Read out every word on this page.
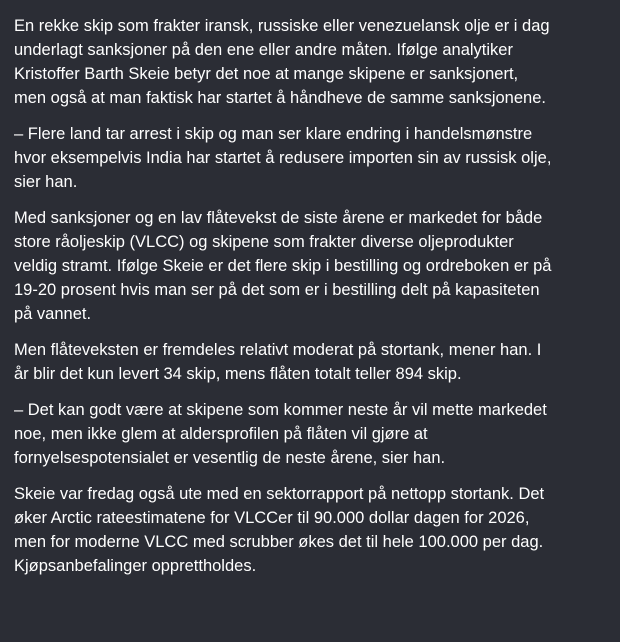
En rekke skip som frakter iransk, russiske eller venezuelansk olje er i dag
underlagt sanksjoner på den ene eller andre måten. Ifølge analytiker
Kristoffer Barth Skeie betyr det noe at mange skipene er sanksjonert,
men også at man faktisk har startet å håndheve de samme sanksjonene.

– Flere land tar arrest i skip og man ser klare endring i handelsmønstre
hvor eksempelvis India har startet å redusere importen sin av russisk olje,
sier han.

Med sanksjoner og en lav flåtevekst de siste årene er markedet for både
store råoljeskip (VLCC) og skipene som frakter diverse oljeprodukter
veldig stramt. Ifølge Skeie er det flere skip i bestilling og ordreboken er på
19-20 prosent hvis man ser på det som er i bestilling delt på kapasiteten
på vannet.

Men flåteveksten er fremdeles relativt moderat på stortank, mener han. I
år blir det kun levert 34 skip, mens flåten totalt teller 894 skip.

– Det kan godt være at skipene som kommer neste år vil mette markedet
noe, men ikke glem at aldersprofilen på flåten vil gjøre at
fornyelsespotensialet er vesentlig de neste årene, sier han.

Skeie var fredag også ute med en sektorrapport på nettopp stortank. Det
øker Arctic rateestimatene for VLCCer til 90.000 dollar dagen for 2026,
men for moderne VLCC med scrubber økes det til hele 100.000 per dag.
Kjøpsanbefalinger opprettholdes.
